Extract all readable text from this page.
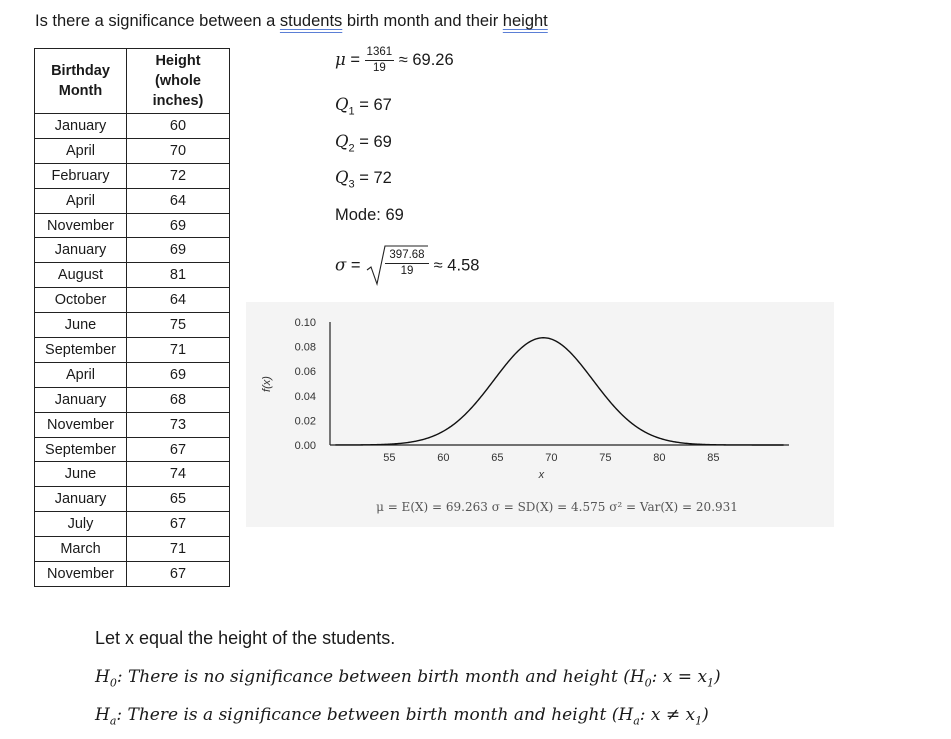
Is there a significance between a students birth month and their height
Birthday Month	Height (whole inches)
January	60
April	70
February	72
April	64
November	69
January	69
August	81
October	64
June	75
September	71
April	69
January	68
November	73
September	67
June	74
January	65
July	67
March	71
November	67
$\mu = \frac{1361}{19} \approx 69.26$
$Q_1 = 67$
$Q_2 = 69$
$Q_3 = 72$
Mode: 69
σ =
397.68
19	≈ 4.58
0.00
0.02
0.04
0.06
0.08
0.10
55	60	65	70	75	80	85
x
f(x)
μ = E(X) = 69.263 σ = SD(X) = 4.575 σ² = Var(X) = 20.931
Let x equal the height of the students.
$H_0$: There is no significance between birth month and height ($H_0$: $x = x_1$)
$H_a$: There is a significance between birth month and height ($H_a$: $x \ne x_1$)
